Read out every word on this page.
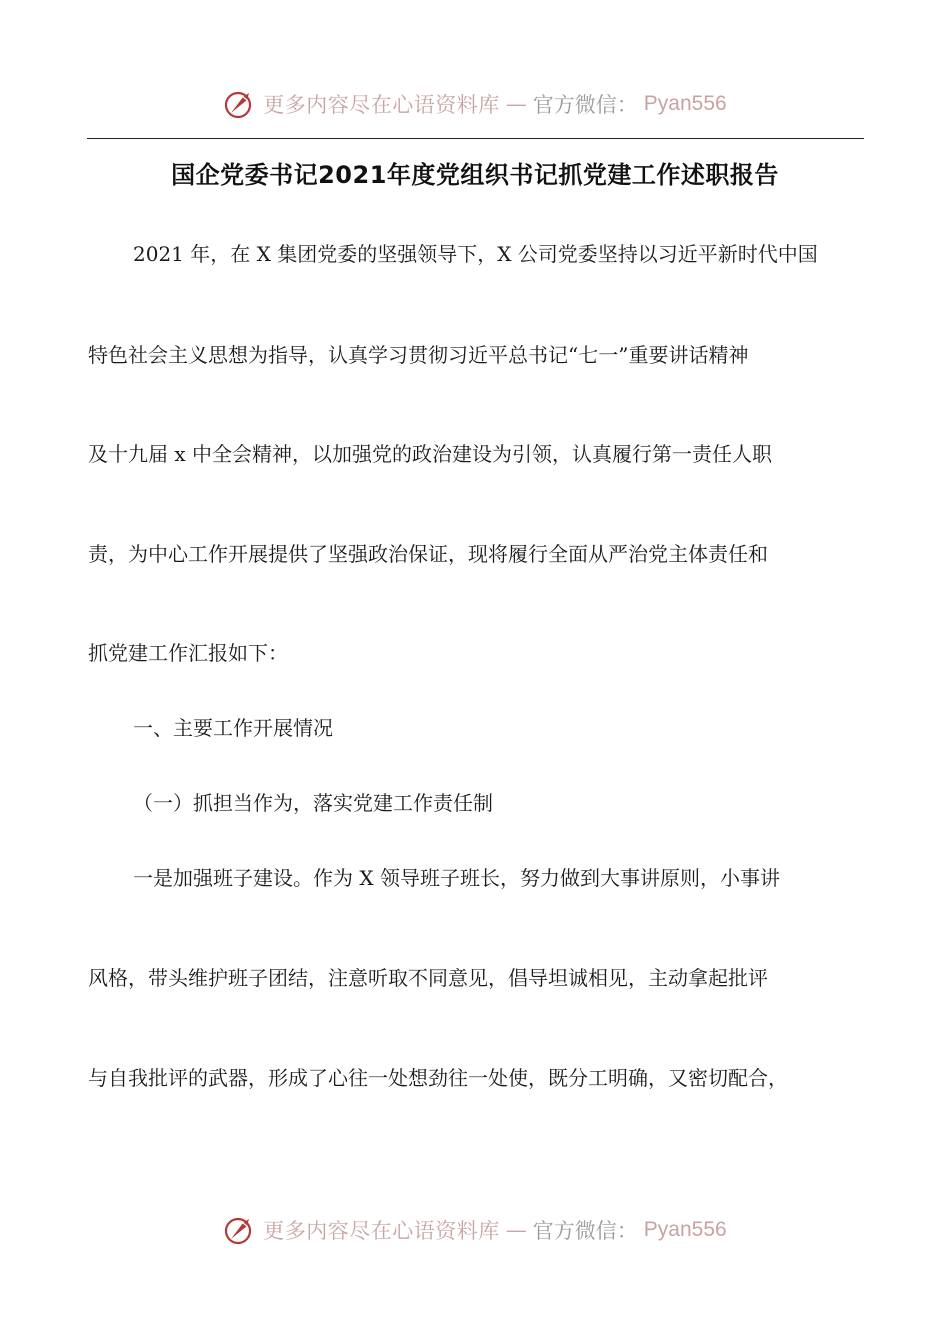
更多内容尽在心语资料库 — 官方微信： Pyan556
国企党委书记2021年度党组织书记抓党建工作述职报告
2021 年，在 X 集团党委的坚强领导下，X 公司党委坚持以习近平新时代中国
特色社会主义思想为指导，认真学习贯彻习近平总书记“七一”重要讲话精神
及十九届 x 中全会精神，以加强党的政治建设为引领，认真履行第一责任人职
责，为中心工作开展提供了坚强政治保证，现将履行全面从严治党主体责任和
抓党建工作汇报如下：
一、主要工作开展情况
（一）抓担当作为，落实党建工作责任制
一是加强班子建设。作为 X 领导班子班长，努力做到大事讲原则，小事讲
风格，带头维护班子团结，注意听取不同意见，倡导坦诚相见，主动拿起批评
与自我批评的武器，形成了心往一处想劲往一处使，既分工明确，又密切配合，
更多内容尽在心语资料库 — 官方微信： Pyan556
